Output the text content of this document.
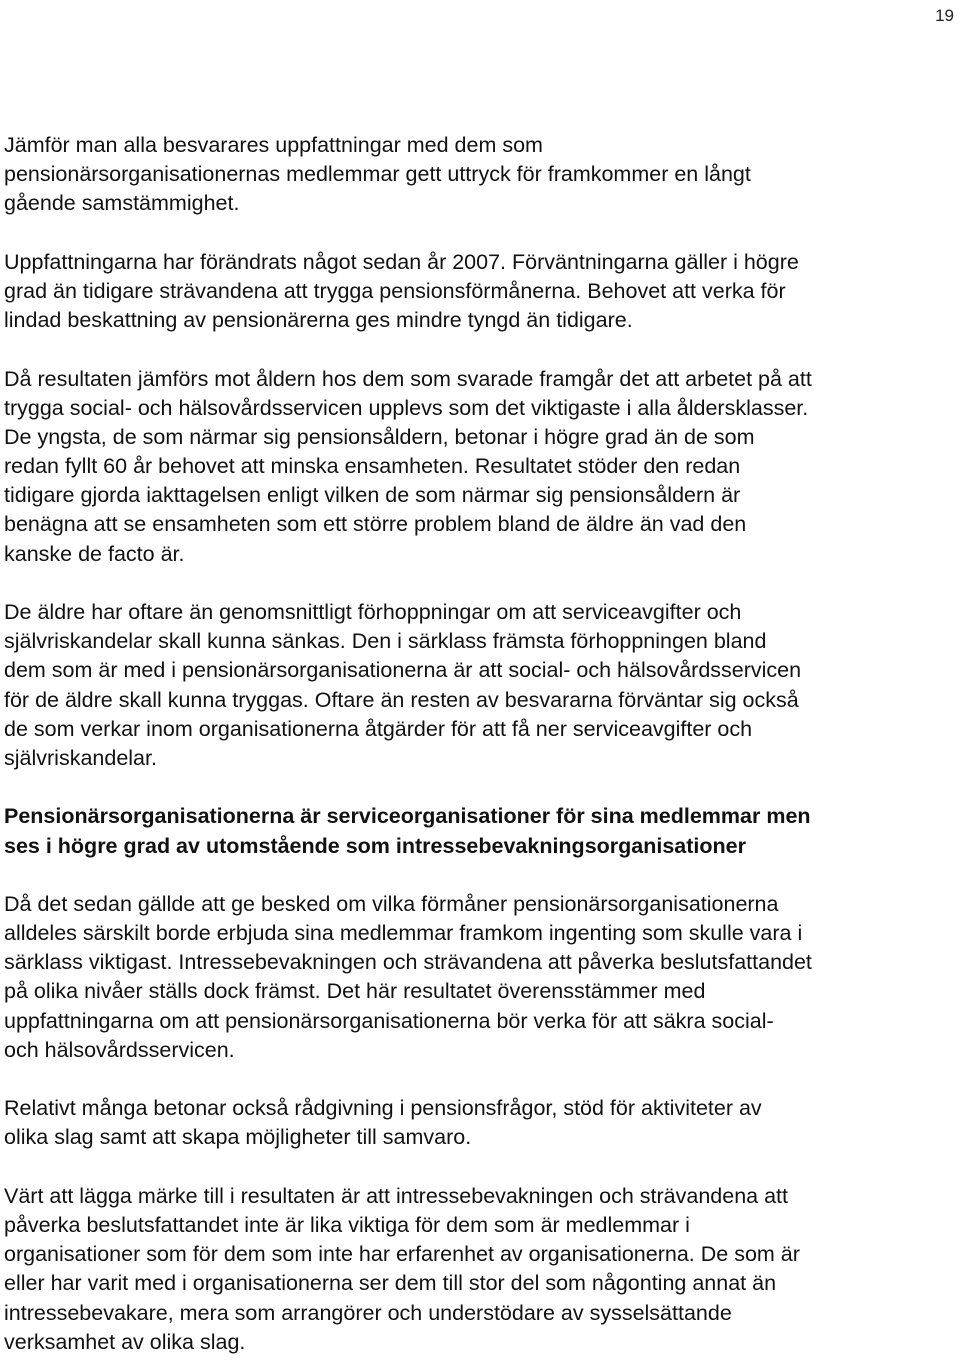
19

Jämför man alla besvarares uppfattningar med dem som
pensionärsorganisationernas medlemmar gett uttryck för framkommer en långt
gående samstämmighet.

Uppfattningarna har förändrats något sedan år 2007. Förväntningarna gäller i högre
grad än tidigare strävandena att trygga pensionsförmånerna. Behovet att verka för
lindad beskattning av pensionärerna ges mindre tyngd än tidigare.

Då resultaten jämförs mot åldern hos dem som svarade framgår det att arbetet på att
trygga social- och hälsovårdsservicen upplevs som det viktigaste i alla åldersklasser.
De yngsta, de som närmar sig pensionsåldern, betonar i högre grad än de som
redan fyllt 60 år behovet att minska ensamheten. Resultatet stöder den redan
tidigare gjorda iakttagelsen enligt vilken de som närmar sig pensionsåldern är
benägna att se ensamheten som ett större problem bland de äldre än vad den
kanske de facto är.

De äldre har oftare än genomsnittligt förhoppningar om att serviceavgifter och
självriskandelar skall kunna sänkas. Den i särklass främsta förhoppningen bland
dem som är med i pensionärsorganisationerna är att social- och hälsovårdsservicen
för de äldre skall kunna tryggas. Oftare än resten av besvararna förväntar sig också
de som verkar inom organisationerna åtgärder för att få ner serviceavgifter och
självriskandelar.

Pensionärsorganisationerna är serviceorganisationer för sina medlemmar men
ses i högre grad av utomstående som intressebevakningsorganisationer

Då det sedan gällde att ge besked om vilka förmåner pensionärsorganisationerna
alldeles särskilt borde erbjuda sina medlemmar framkom ingenting som skulle vara i
särklass viktigast. Intressebevakningen och strävandena att påverka beslutsfattandet
på olika nivåer ställs dock främst. Det här resultatet överensstämmer med
uppfattningarna om att pensionärsorganisationerna bör verka för att säkra social-
och hälsovårdsservicen.

Relativt många betonar också rådgivning i pensionsfrågor, stöd för aktiviteter av
olika slag samt att skapa möjligheter till samvaro.

Värt att lägga märke till i resultaten är att intressebevakningen och strävandena att
påverka beslutsfattandet inte är lika viktiga för dem som är medlemmar i
organisationer som för dem som inte har erfarenhet av organisationerna. De som är
eller har varit med i organisationerna ser dem till stor del som någonting annat än
intressebevakare, mera som arrangörer och understödare av sysselsättande
verksamhet av olika slag.
